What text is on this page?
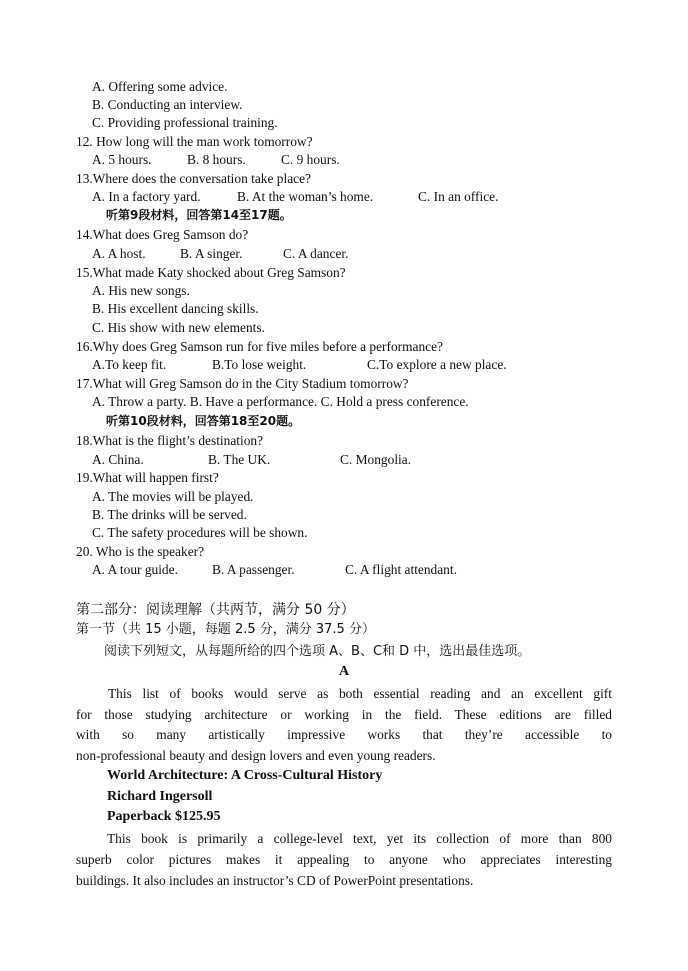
A. Offering some advice.
B. Conducting an interview.
C. Providing professional training.
12. How long will the man work tomorrow?
A. 5 hours.	B. 8 hours.	C. 9 hours.
13.Where does the conversation take place?
A. In a factory yard.	B. At the woman’s home.	C. In an office.
听第9段材料，回答第14至17题。
14.What does Greg Samson do?
A. A host.	B. A singer.	C. A dancer.
15.What made Katy shocked about Greg Samson?
A. His new songs.
B. His excellent dancing skills.
C. His show with new elements.
16.Why does Greg Samson run for five miles before a performance?
A.To keep fit.	B.To lose weight.	C.To explore a new place.
17.What will Greg Samson do in the City Stadium tomorrow?
A. Throw a party. B. Have a performance. C. Hold a press conference.
听第10段材料，回答第18至20题。
18.What is the flight’s destination?
A. China.	B. The UK.	C. Mongolia.
19.What will happen first?
A. The movies will be played.
B. The drinks will be served.
C. The safety procedures will be shown.
20. Who is the speaker?
A. A tour guide.	B. A passenger.	C. A flight attendant.
第二部分：阅读理解（共两节，满分 50 分）
第一节（共 15 小题，每题 2.5 分，满分 37.5 分）
阅读下列短文，从每题所给的四个选项 A、B、C和 D 中，选出最佳选项。
A
This list of books would serve as both essential reading and an excellent gift
for those studying architecture or working in the field. These editions are filled
with so many artistically impressive works that they’re accessible to
non-professional beauty and design lovers and even young readers.
World Architecture: A Cross-Cultural History
Richard Ingersoll
Paperback $125.95
This book is primarily a college-level text, yet its collection of more than 800
superb color pictures makes it appealing to anyone who appreciates interesting
buildings. It also includes an instructor’s CD of PowerPoint presentations.
